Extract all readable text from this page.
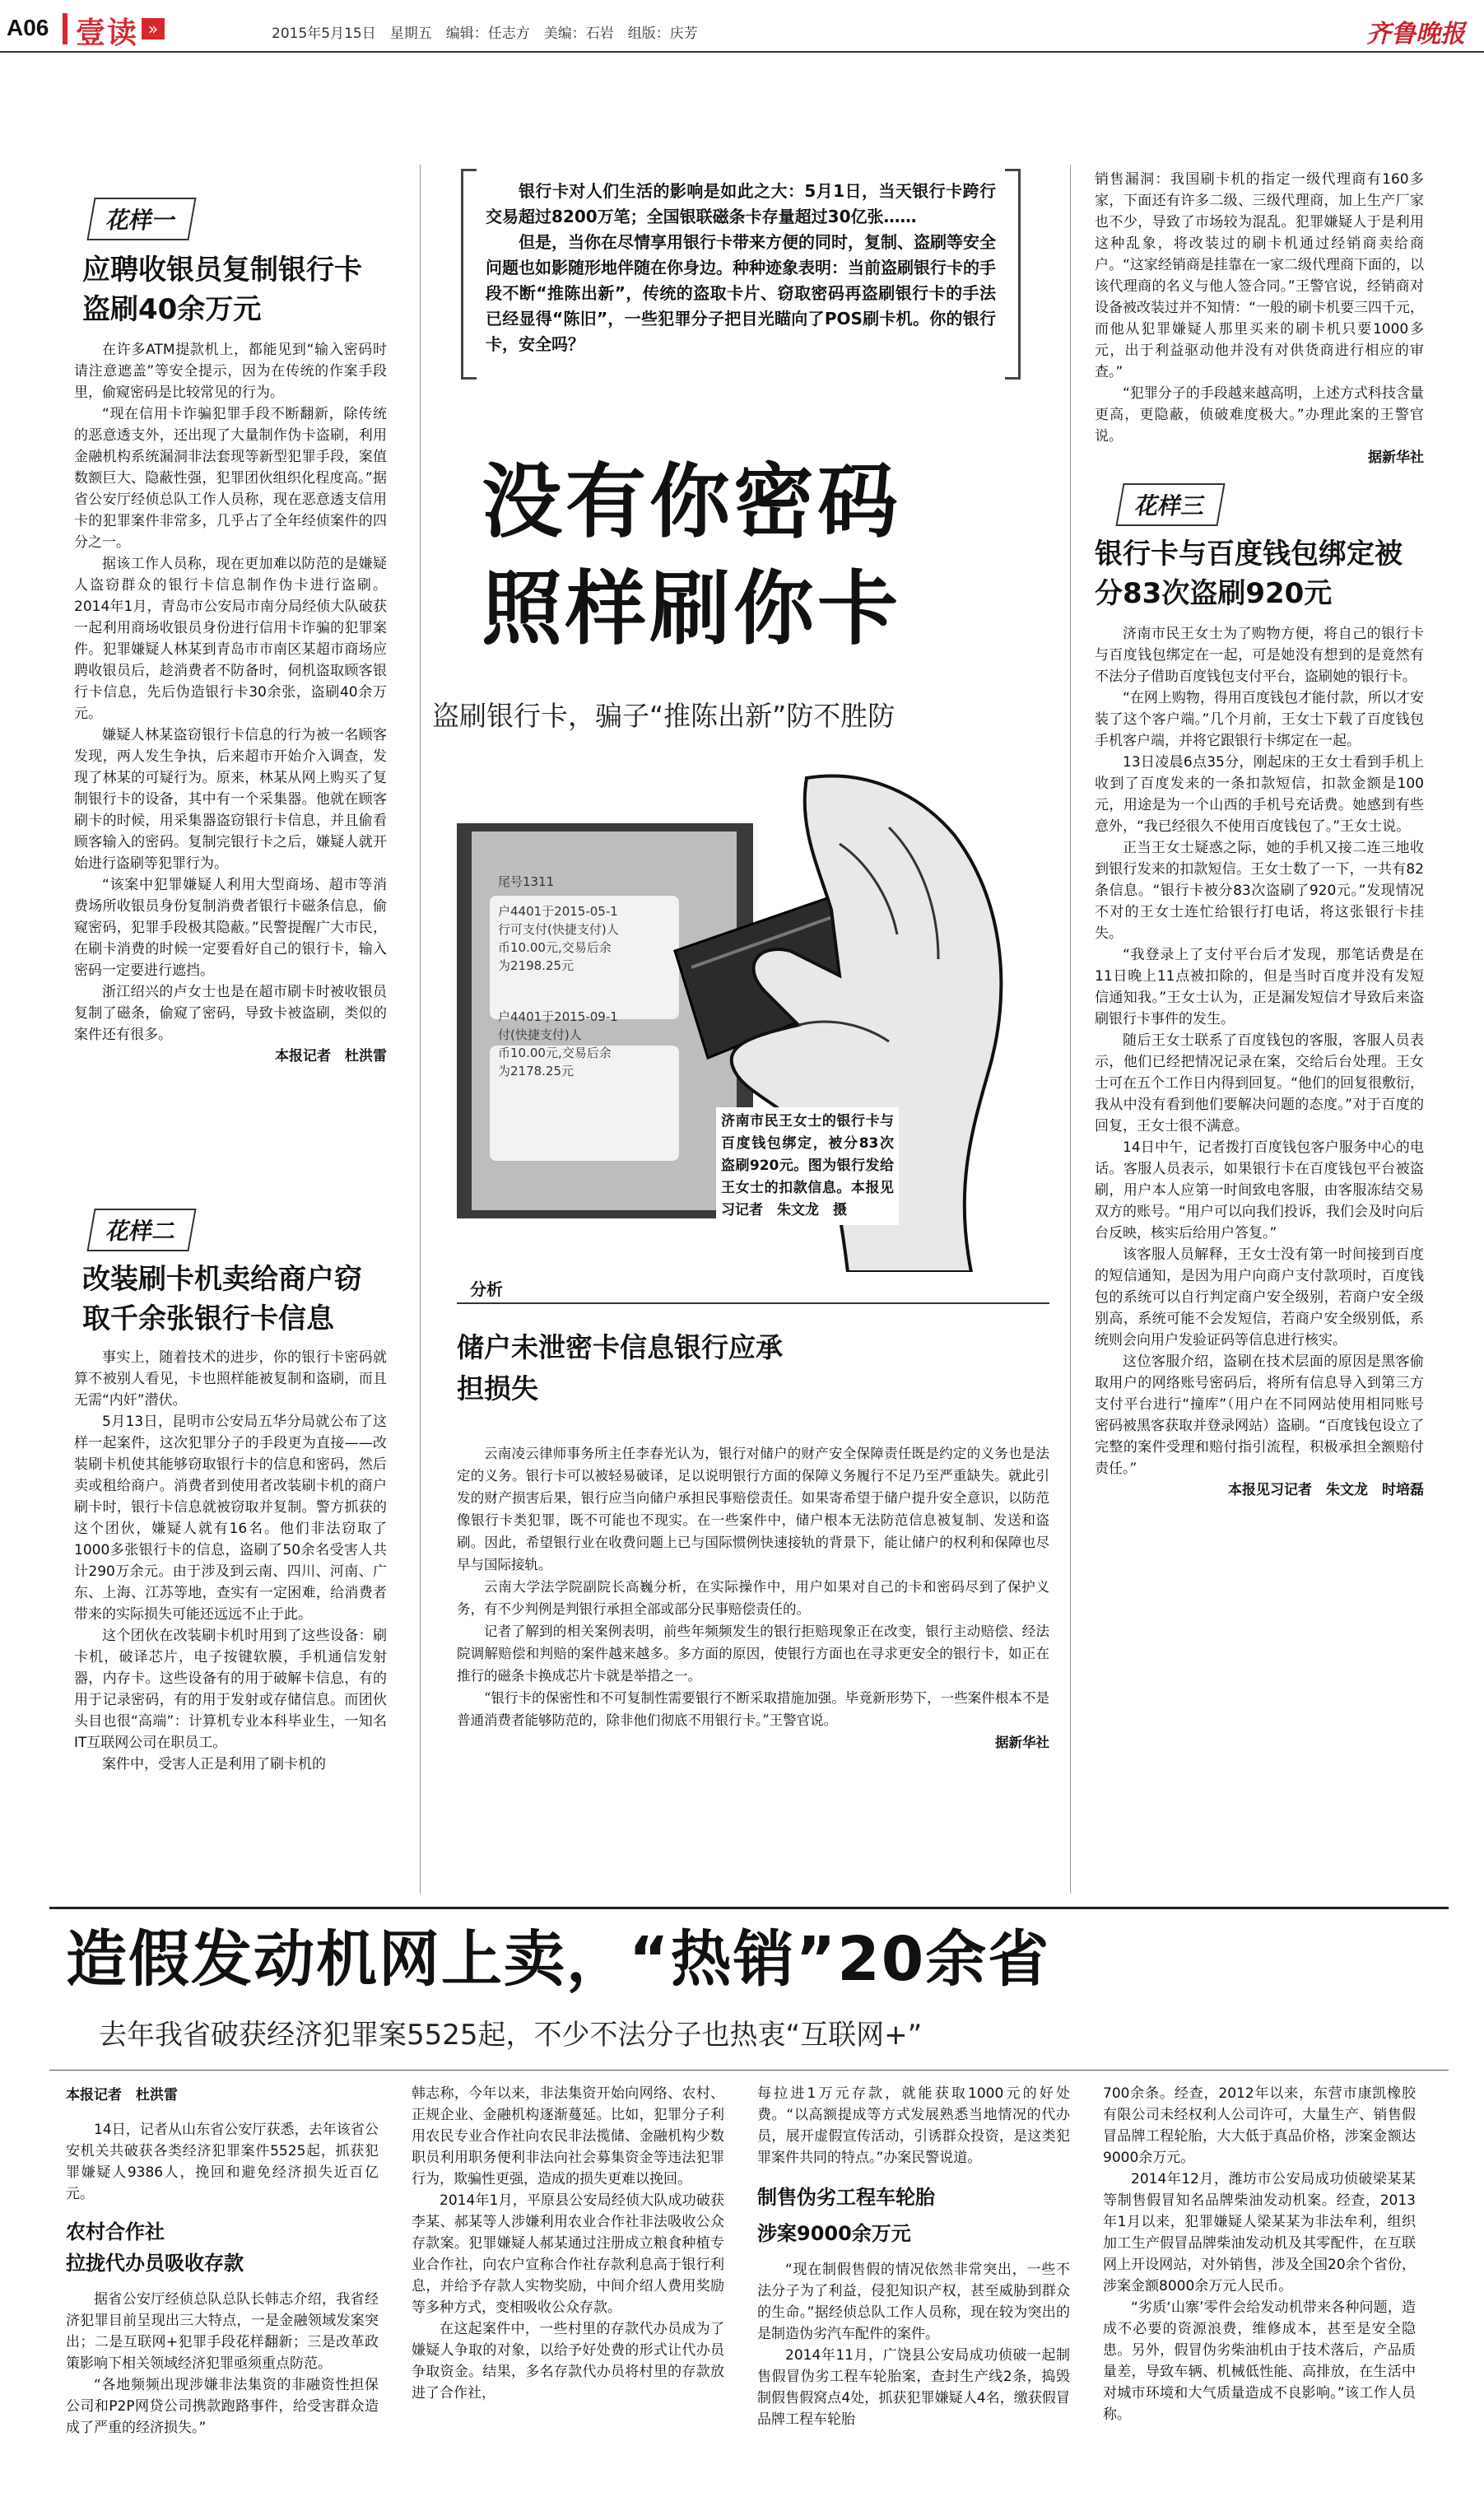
A06 壹读 »	2015年5月15日　星期五　编辑：任志方　美编：石岩　组版：庆芳	齐鲁晚报
花样一
应聘收银员复制银行卡盗刷40余万元

在许多ATM提款机上，都能见到“输入密码时请注意遮盖”等安全提示，因为在传统的作案手段里，偷窥密码是比较常见的行为。

“现在信用卡诈骗犯罪手段不断翻新，除传统的恶意透支外，还出现了大量制作伪卡盗刷，利用金融机构系统漏洞非法套现等新型犯罪手段，案值数额巨大、隐蔽性强，犯罪团伙组织化程度高。”据省公安厅经侦总队工作人员称，现在恶意透支信用卡的犯罪案件非常多，几乎占了全年经侦案件的四分之一。

据该工作人员称，现在更加难以防范的是嫌疑人盗窃群众的银行卡信息制作伪卡进行盗刷。2014年1月，青岛市公安局市南分局经侦大队破获一起利用商场收银员身份进行信用卡诈骗的犯罪案件。犯罪嫌疑人林某到青岛市市南区某超市商场应聘收银员后，趁消费者不防备时，伺机盗取顾客银行卡信息，先后伪造银行卡30余张，盗刷40余万元。

嫌疑人林某盗窃银行卡信息的行为被一名顾客发现，两人发生争执，后来超市开始介入调查，发现了林某的可疑行为。原来，林某从网上购买了复制银行卡的设备，其中有一个采集器。他就在顾客刷卡的时候，用采集器盗窃银行卡信息，并且偷看顾客输入的密码。复制完银行卡之后，嫌疑人就开始进行盗刷等犯罪行为。

“该案中犯罪嫌疑人利用大型商场、超市等消费场所收银员身份复制消费者银行卡磁条信息，偷窥密码，犯罪手段极其隐蔽。”民警提醒广大市民，在刷卡消费的时候一定要看好自己的银行卡，输入密码一定要进行遮挡。

浙江绍兴的卢女士也是在超市刷卡时被收银员复制了磁条，偷窥了密码，导致卡被盗刷，类似的案件还有很多。

本报记者　杜洪雷

花样二
改装刷卡机卖给商户窃取千余张银行卡信息

事实上，随着技术的进步，你的银行卡密码就算不被别人看见，卡也照样能被复制和盗刷，而且无需“内奸”潜伏。

5月13日，昆明市公安局五华分局就公布了这样一起案件，这次犯罪分子的手段更为直接——改装刷卡机使其能够窃取银行卡的信息和密码，然后卖或租给商户。消费者到使用者改装刷卡机的商户刷卡时，银行卡信息就被窃取并复制。警方抓获的这个团伙，嫌疑人就有16名。他们非法窃取了1000多张银行卡的信息，盗刷了50余名受害人共计290万余元。由于涉及到云南、四川、河南、广东、上海、江苏等地，查实有一定困难，给消费者带来的实际损失可能还远远不止于此。

这个团伙在改装刷卡机时用到了这些设备：刷卡机，破译芯片，电子按键软膜，手机通信发射器，内存卡。这些设备有的用于破解卡信息，有的用于记录密码，有的用于发射或存储信息。而团伙头目也很“高端”：计算机专业本科毕业生，一知名IT互联网公司在职员工。

案件中，受害人正是利用了刷卡机的

银行卡对人们生活的影响是如此之大：5月1日，当天银行卡跨行交易超过8200万笔；全国银联磁条卡存量超过30亿张……

但是，当你在尽情享用银行卡带来方便的同时，复制、盗刷等安全问题也如影随形地伴随在你身边。种种迹象表明：当前盗刷银行卡的手段不断“推陈出新”，传统的盗取卡片、窃取密码再盗刷银行卡的手法已经显得“陈旧”，一些犯罪分子把目光瞄向了POS刷卡机。你的银行卡，安全吗？

没有你密码
照样刷你卡
盗刷银行卡，骗子“推陈出新”防不胜防
尾号1311
户4401于2015-05-1
行可支付(快捷支付)人
币10.00元,交易后余
为2198.25元
户4401于2015-09-1
付(快捷支付)人
币10.00元,交易后余
为2178.25元
济南市民王女士的银行卡与百度钱包绑定，被分83次盗刷920元。图为银行发给王女士的扣款信息。本报见习记者　朱文龙　摄
分析
储户未泄密卡信息银行应承担损失

云南凌云律师事务所主任李春光认为，银行对储户的财产安全保障责任既是约定的义务也是法定的义务。银行卡可以被轻易破译，足以说明银行方面的保障义务履行不足乃至严重缺失。就此引发的财产损害后果，银行应当向储户承担民事赔偿责任。如果寄希望于储户提升安全意识，以防范像银行卡类犯罪，既不可能也不现实。在一些案件中，储户根本无法防范信息被复制、发送和盗刷。因此，希望银行业在收费问题上已与国际惯例快速接轨的背景下，能让储户的权利和保障也尽早与国际接轨。

云南大学法学院副院长高巍分析，在实际操作中，用户如果对自己的卡和密码尽到了保护义务，有不少判例是判银行承担全部或部分民事赔偿责任的。

记者了解到的相关案例表明，前些年频频发生的银行拒赔现象正在改变，银行主动赔偿、经法院调解赔偿和判赔的案件越来越多。多方面的原因，使银行方面也在寻求更安全的银行卡，如正在推行的磁条卡换成芯片卡就是举措之一。

“银行卡的保密性和不可复制性需要银行不断采取措施加强。毕竟新形势下，一些案件根本不是普通消费者能够防范的，除非他们彻底不用银行卡。”王警官说。

据新华社

销售漏洞：我国刷卡机的指定一级代理商有160多家，下面还有许多二级、三级代理商，加上生产厂家也不少，导致了市场较为混乱。犯罪嫌疑人于是利用这种乱象，将改装过的刷卡机通过经销商卖给商户。“这家经销商是挂靠在一家二级代理商下面的，以该代理商的名义与他人签合同。”王警官说，经销商对设备被改装过并不知情：“一般的刷卡机要三四千元，而他从犯罪嫌疑人那里买来的刷卡机只要1000多元，出于利益驱动他并没有对供货商进行相应的审查。”

“犯罪分子的手段越来越高明，上述方式科技含量更高，更隐蔽，侦破难度极大。”办理此案的王警官说。

据新华社

花样三
银行卡与百度钱包绑定被分83次盗刷920元

济南市民王女士为了购物方便，将自己的银行卡与百度钱包绑定在一起，可是她没有想到的是竟然有不法分子借助百度钱包支付平台，盗刷她的银行卡。

“在网上购物，得用百度钱包才能付款，所以才安装了这个客户端。”几个月前，王女士下载了百度钱包手机客户端，并将它跟银行卡绑定在一起。

13日凌晨6点35分，刚起床的王女士看到手机上收到了百度发来的一条扣款短信，扣款金额是100元，用途是为一个山西的手机号充话费。她感到有些意外，“我已经很久不使用百度钱包了。”王女士说。

正当王女士疑惑之际，她的手机又接二连三地收到银行发来的扣款短信。王女士数了一下，一共有82条信息。“银行卡被分83次盗刷了920元。”发现情况不对的王女士连忙给银行打电话，将这张银行卡挂失。

“我登录上了支付平台后才发现，那笔话费是在11日晚上11点被扣除的，但是当时百度并没有发短信通知我。”王女士认为，正是漏发短信才导致后来盗刷银行卡事件的发生。

随后王女士联系了百度钱包的客服，客服人员表示，他们已经把情况记录在案，交给后台处理。王女士可在五个工作日内得到回复。“他们的回复很敷衍，我从中没有看到他们要解决问题的态度。”对于百度的回复，王女士很不满意。

14日中午，记者拨打百度钱包客户服务中心的电话。客服人员表示，如果银行卡在百度钱包平台被盗刷，用户本人应第一时间致电客服，由客服冻结交易双方的账号。“用户可以向我们投诉，我们会及时向后台反映，核实后给用户答复。”

该客服人员解释，王女士没有第一时间接到百度的短信通知，是因为用户向商户支付款项时，百度钱包的系统可以自行判定商户安全级别，若商户安全级别高，系统可能不会发短信，若商户安全级别低，系统则会向用户发验证码等信息进行核实。

这位客服介绍，盗刷在技术层面的原因是黑客偷取用户的网络账号密码后，将所有信息导入到第三方支付平台进行“撞库”（用户在不同网站使用相同账号密码被黑客获取并登录网站）盗刷。“百度钱包设立了完整的案件受理和赔付指引流程，积极承担全额赔付责任。”

本报见习记者　朱文龙　时培磊

造假发动机网上卖，“热销”20余省
去年我省破获经济犯罪案5525起，不少不法分子也热衷“互联网+”
本报记者　杜洪雷

14日，记者从山东省公安厅获悉，去年该省公安机关共破获各类经济犯罪案件5525起，抓获犯罪嫌疑人9386人，挽回和避免经济损失近百亿元。

农村合作社
拉拢代办员吸收存款

据省公安厅经侦总队总队长韩志介绍，我省经济犯罪目前呈现出三大特点，一是金融领域发案突出；二是互联网+犯罪手段花样翻新；三是改革政策影响下相关领域经济犯罪亟须重点防范。

“各地频频出现涉嫌非法集资的非融资性担保公司和P2P网贷公司携款跑路事件，给受害群众造成了严重的经济损失。”

韩志称，今年以来，非法集资开始向网络、农村、正规企业、金融机构逐渐蔓延。比如，犯罪分子利用农民专业合作社向农民非法揽储、金融机构少数职员利用职务便利非法向社会募集资金等违法犯罪行为，欺骗性更强，造成的损失更难以挽回。

2014年1月，平原县公安局经侦大队成功破获李某、郝某等人涉嫌利用农业合作社非法吸收公众存款案。犯罪嫌疑人郝某通过注册成立粮食种植专业合作社，向农户宣称合作社存款利息高于银行利息，并给予存款人实物奖励，中间介绍人费用奖励等多种方式，变相吸收公众存款。

在这起案件中，一些村里的存款代办员成为了嫌疑人争取的对象，以给予好处费的形式让代办员争取资金。结果，多名存款代办员将村里的存款放进了合作社，

每拉进1万元存款，就能获取1000元的好处费。“以高额提成等方式发展熟悉当地情况的代办员，展开虚假宣传活动，引诱群众投资，是这类犯罪案件共同的特点。”办案民警说道。

制售伪劣工程车轮胎
涉案9000余万元

“现在制假售假的情况依然非常突出，一些不法分子为了利益，侵犯知识产权，甚至威胁到群众的生命。”据经侦总队工作人员称，现在较为突出的是制造伪劣汽车配件的案件。

2014年11月，广饶县公安局成功侦破一起制售假冒伪劣工程车轮胎案，查封生产线2条，捣毁制假售假窝点4处，抓获犯罪嫌疑人4名，缴获假冒品牌工程车轮胎

700余条。经查，2012年以来，东营市康凯橡胶有限公司未经权利人公司许可，大量生产、销售假冒品牌工程轮胎，大大低于真品价格，涉案金额达9000余万元。

2014年12月，潍坊市公安局成功侦破梁某某等制售假冒知名品牌柴油发动机案。经查，2013年1月以来，犯罪嫌疑人梁某某为非法牟利，组织加工生产假冒品牌柴油发动机及其零配件，在互联网上开设网站，对外销售，涉及全国20余个省份，涉案金额8000余万元人民币。

“劣质‘山寨’零件会给发动机带来各种问题，造成不必要的资源浪费，维修成本，甚至是安全隐患。另外，假冒伪劣柴油机由于技术落后，产品质量差，导致车辆、机械低性能、高排放，在生活中对城市环境和大气质量造成不良影响。”该工作人员称。
